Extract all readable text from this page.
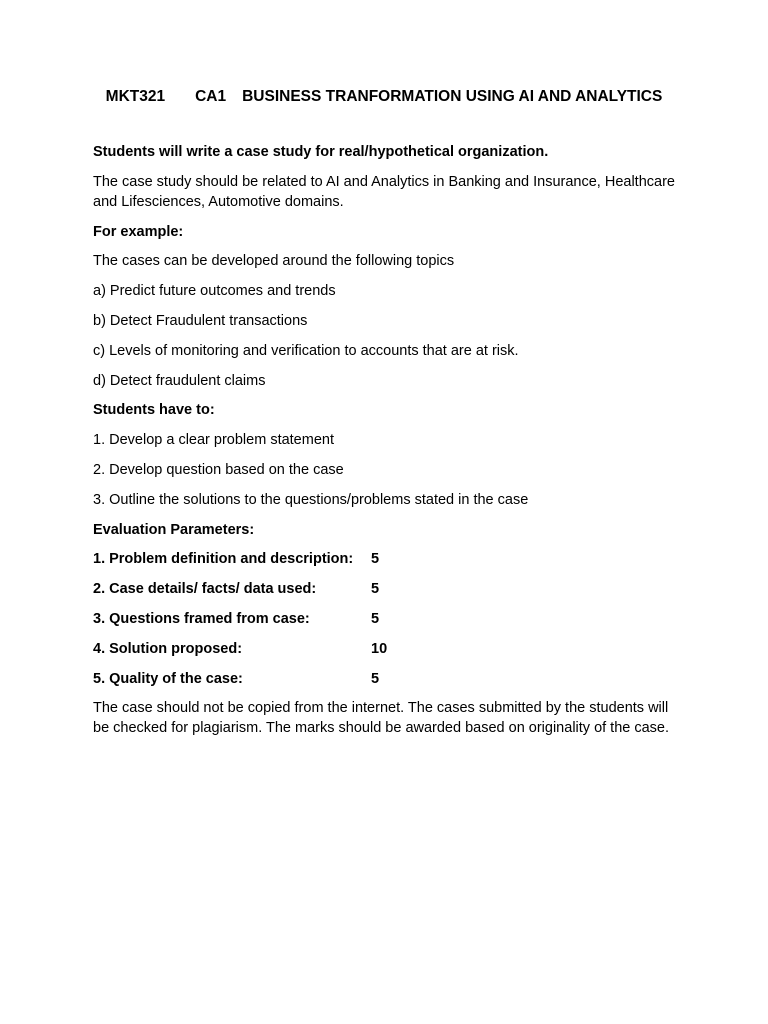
MKT321 CA1 BUSINESS TRANFORMATION USING AI AND ANALYTICS

Students will write a case study for real/hypothetical organization.

The case study should be related to AI and Analytics in Banking and Insurance, Healthcare and Lifesciences, Automotive domains.

For example:

The cases can be developed around the following topics

a) Predict future outcomes and trends

b) Detect Fraudulent transactions

c) Levels of monitoring and verification to accounts that are at risk.

d) Detect fraudulent claims

Students have to:

1. Develop a clear problem statement

2. Develop question based on the case

3. Outline the solutions to the questions/problems stated in the case

Evaluation Parameters:

1. Problem definition and description:	5
2. Case details/ facts/ data used:	5
3. Questions framed from case:	5
4. Solution proposed:	10
5. Quality of the case:	5

The case should not be copied from the internet. The cases submitted by the students will be checked for plagiarism. The marks should be awarded based on originality of the case.
